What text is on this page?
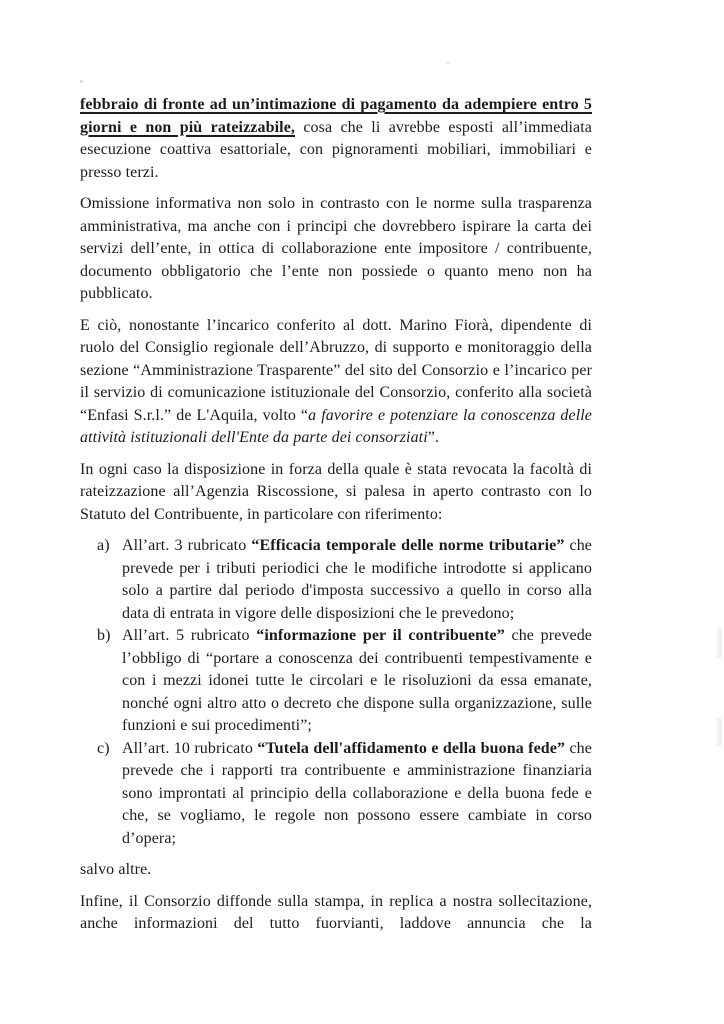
febbraio di fronte ad un’intimazione di pagamento da adempiere entro 5 giorni e non più rateizzabile, cosa che li avrebbe esposti all’immediata esecuzione coattiva esattoriale, con pignoramenti mobiliari, immobiliari e presso terzi.

Omissione informativa non solo in contrasto con le norme sulla trasparenza amministrativa, ma anche con i principi che dovrebbero ispirare la carta dei servizi dell’ente, in ottica di collaborazione ente impositore / contribuente, documento obbligatorio che l’ente non possiede o quanto meno non ha pubblicato.

E ciò, nonostante l’incarico conferito al dott. Marino Fiorà, dipendente di ruolo del Consiglio regionale dell’Abruzzo, di supporto e monitoraggio della sezione “Amministrazione Trasparente” del sito del Consorzio e l’incarico per il servizio di comunicazione istituzionale del Consorzio, conferito alla società “Enfasi S.r.l.” de L'Aquila, volto “a favorire e potenziare la conoscenza delle attività istituzionali dell'Ente da parte dei consorziati”.

In ogni caso la disposizione in forza della quale è stata revocata la facoltà di rateizzazione all’Agenzia Riscossione, si palesa in aperto contrasto con lo Statuto del Contribuente, in particolare con riferimento:

a) All’art. 3 rubricato “Efficacia temporale delle norme tributarie” che prevede per i tributi periodici che le modifiche introdotte si applicano solo a partire dal periodo d'imposta successivo a quello in corso alla data di entrata in vigore delle disposizioni che le prevedono;
b) All’art. 5 rubricato “informazione per il contribuente” che prevede l’obbligo di “portare a conoscenza dei contribuenti tempestivamente e con i mezzi idonei tutte le circolari e le risoluzioni da essa emanate, nonché ogni altro atto o decreto che dispone sulla organizzazione, sulle funzioni e sui procedimenti”;
c) All’art. 10 rubricato “Tutela dell'affidamento e della buona fede” che prevede che i rapporti tra contribuente e amministrazione finanziaria sono improntati al principio della collaborazione e della buona fede e che, se vogliamo, le regole non possono essere cambiate in corso d’opera;

salvo altre.

Infine, il Consorzio diffonde sulla stampa, in replica a nostra sollecitazione, anche informazioni del tutto fuorvianti, laddove annuncia che la
